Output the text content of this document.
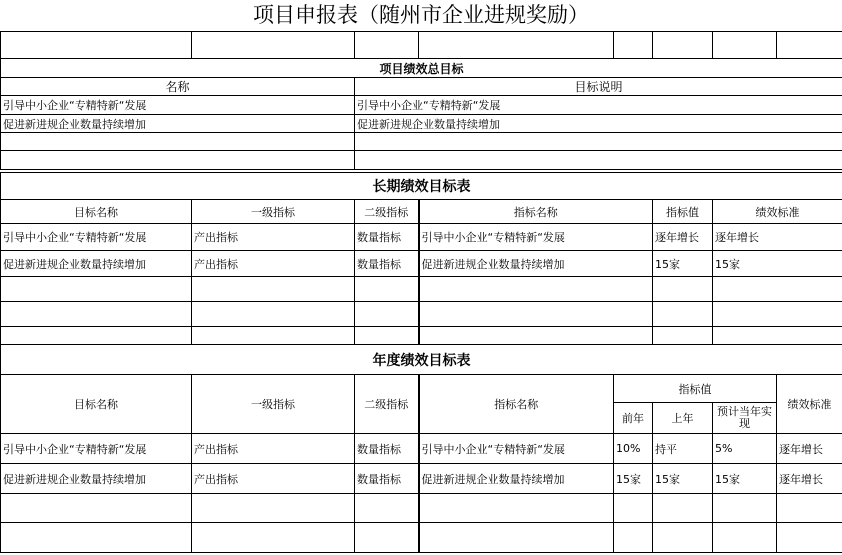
项目申报表（随州市企业进规奖励）

项目绩效总目标	
名称	目标说明
引导中小企业“专精特新“发展	引导中小企业“专精特新“发展
促进新进规企业数量持续增加	促进新进规企业数量持续增加

长期绩效目标表					
目标名称	一级指标	二级指标	指标名称	指标值	绩效标准
引导中小企业“专精特新“发展	产出指标	数量指标	引导中小企业“专精特新“发展	逐年增长	逐年增长
促进新进规企业数量持续增加	产出指标	数量指标	促进新进规企业数量持续增加	15家	15家

年度绩效目标表							
目标名称	一级指标	二级指标	指标名称	指标值			绩效标准
				前年	上年	预计当年实现	
引导中小企业“专精特新“发展	产出指标	数量指标	引导中小企业“专精特新“发展	10%	持平	5%	逐年增长
促进新进规企业数量持续增加	产出指标	数量指标	促进新进规企业数量持续增加	15家	15家	15家	逐年增长
